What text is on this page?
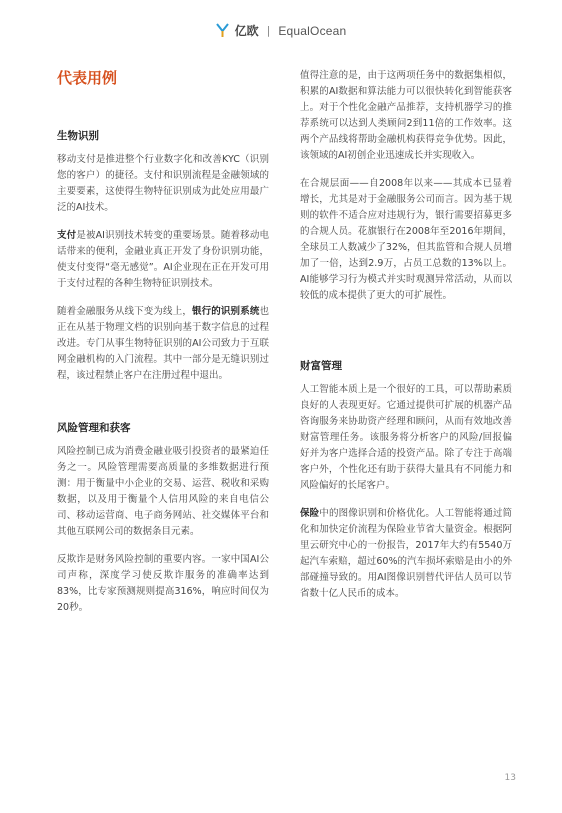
亿欧 | EqualOcean
代表用例
生物识别

移动支付是推进整个行业数字化和改善KYC（识别您的客户）的捷径。支付和识别流程是金融领域的主要要素，这使得生物特征识别成为此处应用最广泛的AI技术。

支付是被AI识别技术转变的重要场景。随着移动电话带来的便利，金融业真正开发了身份识别功能，使支付变得“毫无感觉”。AI企业现在正在开发可用于支付过程的各种生物特征识别技术。

随着金融服务从线下变为线上，银行的识别系统也正在从基于物理文档的识别向基于数字信息的过程改进。专门从事生物特征识别的AI公司致力于互联网金融机构的入门流程。其中一部分是无缝识别过程，该过程禁止客户在注册过程中退出。

风险管理和获客

风险控制已成为消费金融业吸引投资者的最紧迫任务之一。风险管理需要高质量的多维数据进行预测：用于衡量中小企业的交易、运营、税收和采购数据，以及用于衡量个人信用风险的来自电信公司、移动运营商、电子商务网站、社交媒体平台和其他互联网公司的数据条目元素。

反欺诈是财务风险控制的重要内容。一家中国AI公司声称，深度学习使反欺诈服务的准确率达到83%，比专家预测规则提高316%，响应时间仅为20秒。

值得注意的是，由于这两项任务中的数据集相似，积累的AI数据和算法能力可以很快转化到智能获客上。对于个性化金融产品推荐，支持机器学习的推荐系统可以达到人类顾问2到11倍的工作效率。这两个产品线将帮助金融机构获得竞争优势。因此，该领域的AI初创企业迅速成长并实现收入。

在合规层面——自2008年以来——其成本已显着增长，尤其是对于金融服务公司而言。因为基于规则的软件不适合应对违规行为，银行需要招募更多的合规人员。花旗银行在2008年至2016年期间，全球员工人数减少了32%，但其监管和合规人员增加了一倍，达到2.9万，占员工总数的13%以上。AI能够学习行为模式并实时观测异常活动，从而以较低的成本提供了更大的可扩展性。

财富管理

人工智能本质上是一个很好的工具，可以帮助素质良好的人表现更好。它通过提供可扩展的机器产品咨询服务来协助资产经理和顾问，从而有效地改善财富管理任务。该服务将分析客户的风险/回报偏好并为客户选择合适的投资产品。除了专注于高端客户外，个性化还有助于获得大量具有不同能力和风险偏好的长尾客户。

保险中的图像识别和价格优化。人工智能将通过简化和加快定价流程为保险业节省大量资金。根据阿里云研究中心的一份报告，2017年大约有5540万起汽车索赔，超过60%的汽车损坏索赔是由小的外部碰撞导致的。用AI图像识别替代评估人员可以节省数十亿人民币的成本。

13
